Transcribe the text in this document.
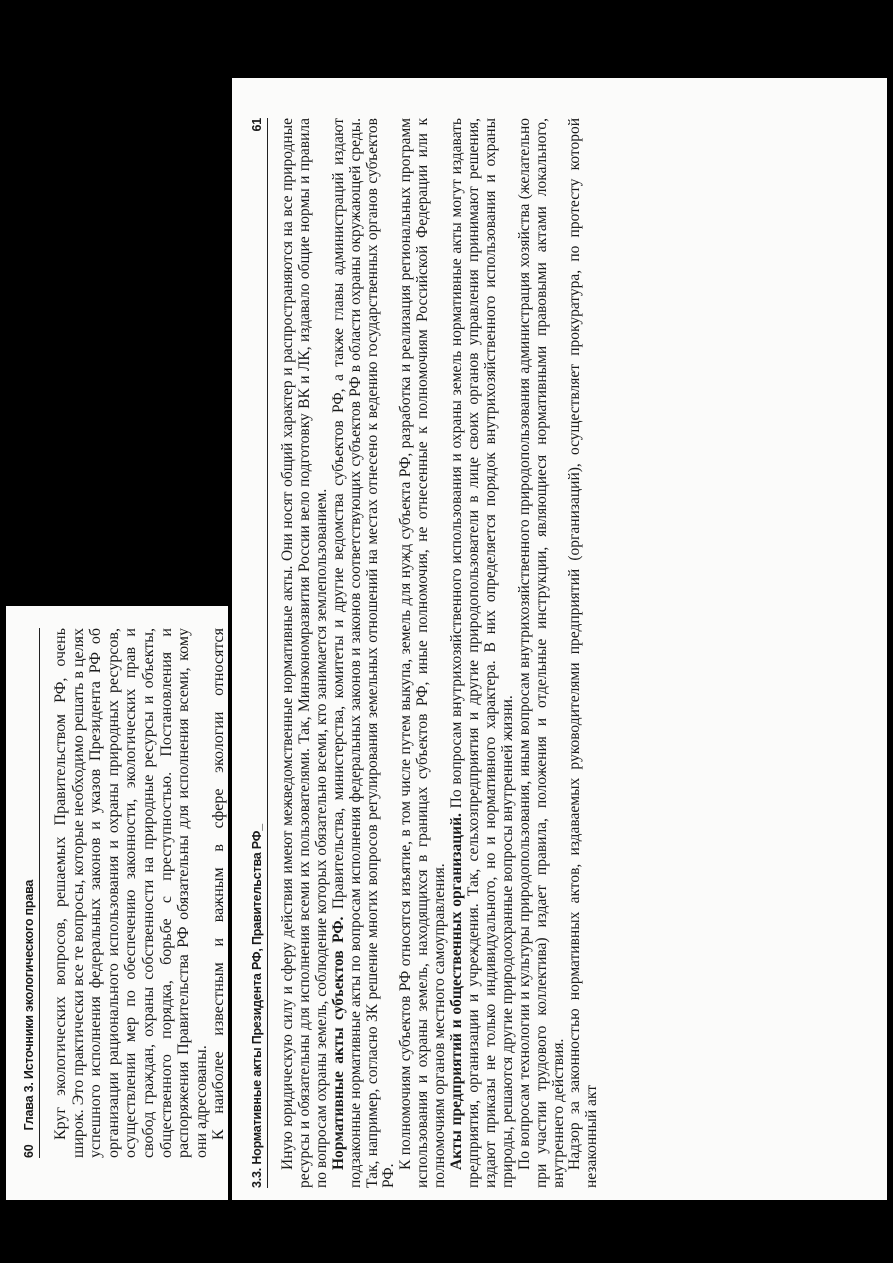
60
Глава 3. Источники экологического права Круг экологических вопросов, решаемых Правительством РФ, очень широк. Это практически все те вопросы, которые необходимо решать в целях успешного исполнения федеральных законов и указов Президента РФ об организации рационального использования и охраны природных ресурсов, осуществлении мер по обеспечению законности, экологических прав и свобод граждан, охраны собственности на природные ресурсы и объекты, общественного порядка, борьбе с преступностью. Постановления и распоряжения Правительства РФ обязательны для исполнения всеми, кому они адресованы. К наиболее известным и важным в сфере экологии относятся

3.3. Нормативные акты Президента РФ, Правительства РФ_
61 Иную юридическую силу и сферу действия имеют межведомственные нормативные акты. Они носят общий характер и распространяются на все природные ресурсы и обязательны для исполнения всеми их пользователями. Так, Минэкономразвития России вело подготовку ВК и ЛК, издавало общие нормы и правила по вопросам охраны земель, соблюдение которых обязательно всеми, кто занимается землепользованием. Нормативные акты субъектов РФ. Правительства, министерства, комитеты и другие ведомства субъектов РФ, а также главы администраций издают подзаконные нормативные акты по вопросам исполнения федеральных законов и законов соответствующих субъектов РФ в области охраны окружающей среды. Так, например, согласно ЗК решение многих вопросов регулирования земельных отношений на местах отнесено к ведению государственных органов субъектов РФ.

К полномочиям субъектов РФ относятся изъятие, в том числе путем выкупа, земель для нужд субъекта РФ, разработка и реализация региональных программ использования и охраны земель, находящихся в границах субъектов РФ, иные полномочия, не отнесенные к полномочиям Российской Федерации или к полномочиям органов местного самоуправления. Акты предприятий и общественных организаций. По вопросам внутрихозяйственного использования и охраны земель нормативные акты могут издавать предприятия, организации и учреждения. Так, сельхозпредприятия и другие природопользователи в лице своих органов управления принимают решения, издают приказы не только индивидуального, но и нормативного характера. В них определяется порядок внутрихозяйственного использования и охраны природы, решаются другие природоохранные вопросы внутренней жизни. По вопросам технологии и культуры природопользования, иным вопросам внутрихозяйственного природопользования администрация хозяйства (желательно при участии трудового коллектива) издает правила, положения и отдельные инструкции, являющиеся нормативными правовыми актами локального, внутреннего действия. Надзор за законностью нормативных актов, издаваемых руководителями предприятий (организаций), осуществляет прокуратура, по протесту которой незаконный акт
